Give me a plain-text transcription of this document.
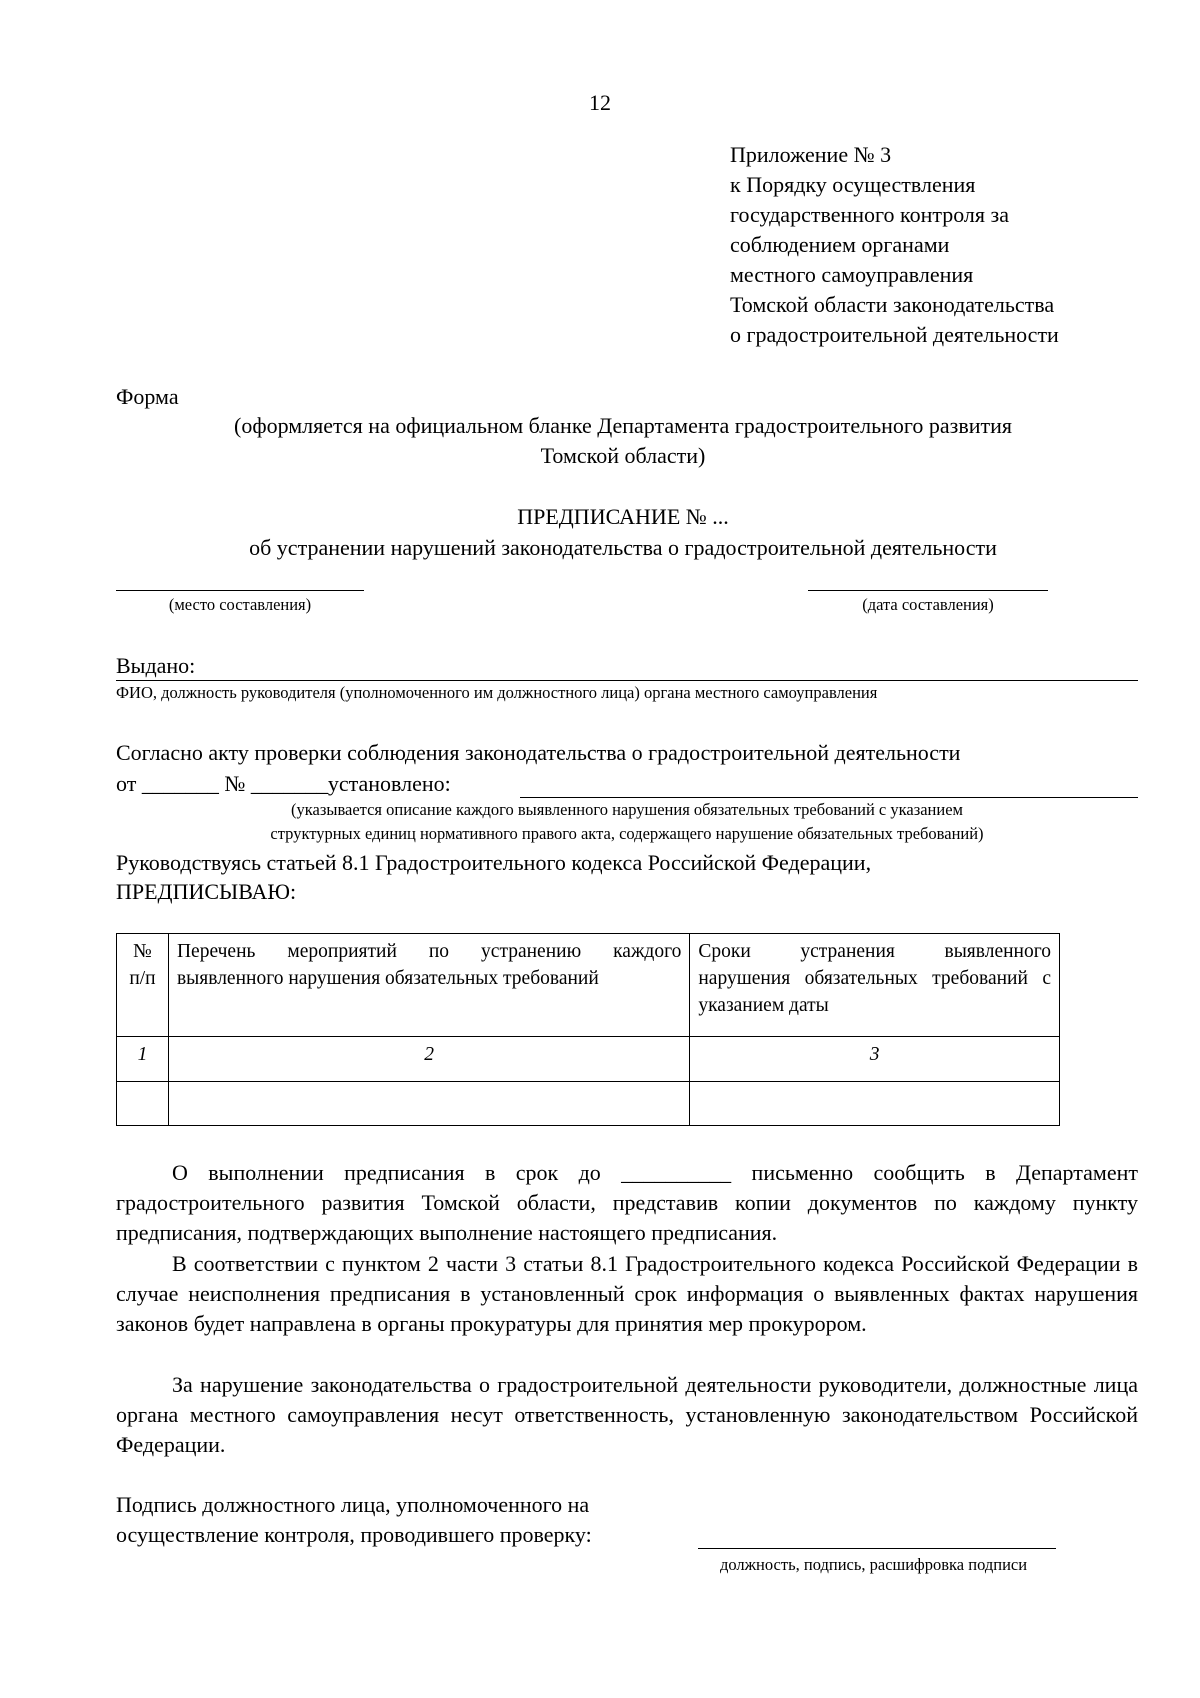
12
Приложение № 3
к Порядку осуществления
государственного контроля за
соблюдением органами
местного самоуправления
Томской области законодательства
о градостроительной деятельности
Форма
(оформляется на официальном бланке Департамента градостроительного развития
Томской области)
ПРЕДПИСАНИЕ № ...
об устранении нарушений законодательства о градостроительной деятельности
(место составления)	(дата составления)
Выдано:
ФИО, должность руководителя (уполномоченного им должностного лица) органа местного самоуправления
Согласно акту проверки соблюдения законодательства о градостроительной деятельности
от _______ № _______установлено:
(указывается описание каждого выявленного нарушения обязательных требований с указанием
структурных единиц нормативного правого акта, содержащего нарушение обязательных требований)
Руководствуясь статьей 8.1 Градостроительного кодекса Российской Федерации,
ПРЕДПИСЫВАЮ:
№ п/п	Перечень мероприятий по устранению каждого выявленного нарушения обязательных требований	Сроки устранения выявленного нарушения обязательных требований с указанием даты
1	2	3

О выполнении предписания в срок до __________ письменно сообщить в Департамент градостроительного развития Томской области, представив копии документов по каждому пункту предписания, подтверждающих выполнение настоящего предписания.
В соответствии с пунктом 2 части 3 статьи 8.1 Градостроительного кодекса Российской Федерации в случае неисполнения предписания в установленный срок информация о выявленных фактах нарушения законов будет направлена в органы прокуратуры для принятия мер прокурором.
За нарушение законодательства о градостроительной деятельности руководители, должностные лица органа местного самоуправления несут ответственность, установленную законодательством Российской Федерации.
Подпись должностного лица, уполномоченного на
осуществление контроля, проводившего проверку:
должность, подпись, расшифровка подписи
